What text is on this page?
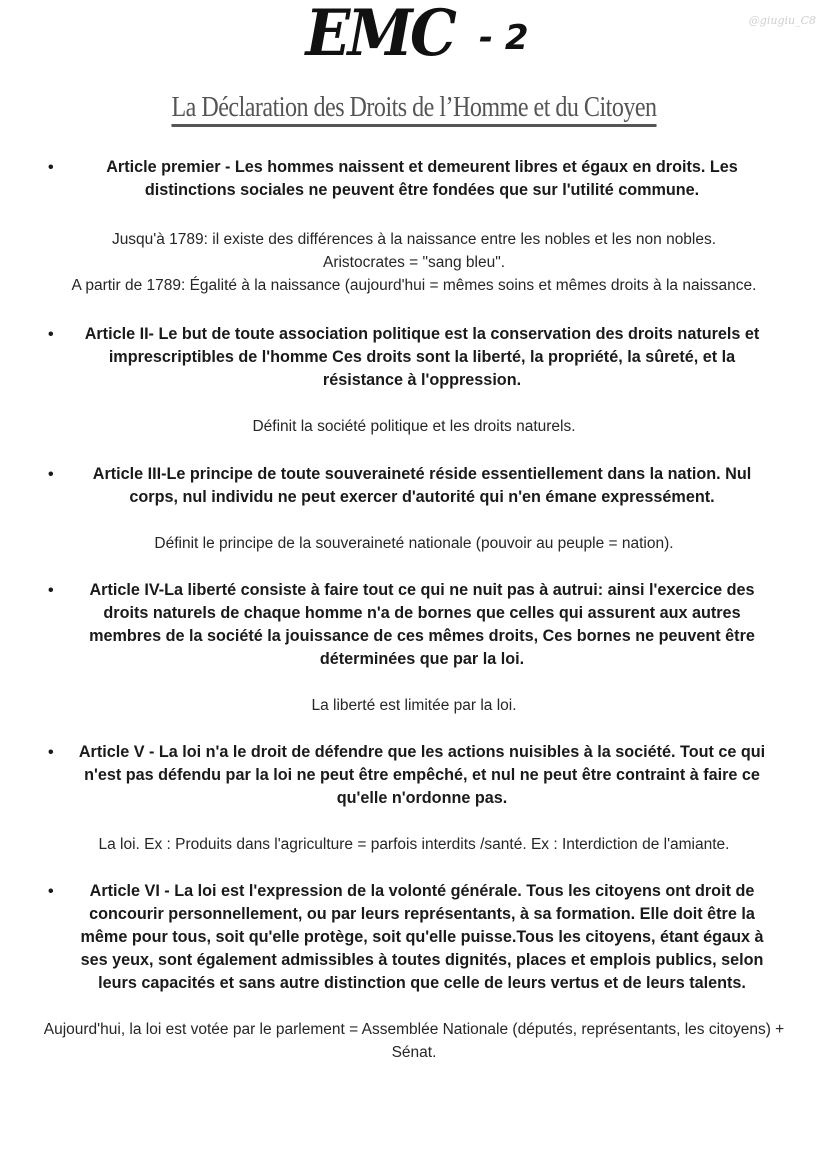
@giugiu_C8
EMC - 2
La Déclaration des Droits de l’Homme et du Citoyen
•	Article premier - Les hommes naissent et demeurent libres et égaux en droits. Les distinctions sociales ne peuvent être fondées que sur l'utilité commune.
Jusqu'à 1789: il existe des différences à la naissance entre les nobles et les non nobles.
Aristocrates = "sang bleu".
A partir de 1789: Égalité à la naissance (aujourd'hui = mêmes soins et mêmes droits à la naissance.
• Article II- Le but de toute association politique est la conservation des droits naturels et imprescriptibles de l'homme Ces droits sont la liberté, la propriété, la sûreté, et la résistance à l'oppression.
Définit la société politique et les droits naturels.
• Article III-Le principe de toute souveraineté réside essentiellement dans la nation. Nul corps, nul individu ne peut exercer d'autorité qui n'en émane expressément.
Définit le principe de la souveraineté nationale (pouvoir au peuple = nation).
• Article IV-La liberté consiste à faire tout ce qui ne nuit pas à autrui: ainsi l'exercice des droits naturels de chaque homme n'a de bornes que celles qui assurent aux autres membres de la société la jouissance de ces mêmes droits, Ces bornes ne peuvent être déterminées que par la loi.
La liberté est limitée par la loi.
• Article V - La loi n'a le droit de défendre que les actions nuisibles à la société. Tout ce qui n'est pas défendu par la loi ne peut être empêché, et nul ne peut être contraint à faire ce qu'elle n'ordonne pas.
La loi. Ex : Produits dans l'agriculture = parfois interdits /santé. Ex : Interdiction de l'amiante.
• Article VI - La loi est l'expression de la volonté générale. Tous les citoyens ont droit de concourir personnellement, ou par leurs représentants, à sa formation. Elle doit être la même pour tous, soit qu'elle protège, soit qu'elle puisse.Tous les citoyens, étant égaux à ses yeux, sont également admissibles à toutes dignités, places et emplois publics, selon leurs capacités et sans autre distinction que celle de leurs vertus et de leurs talents.
Aujourd'hui, la loi est votée par le parlement = Assemblée Nationale (députés, représentants, les citoyens) + Sénat.
